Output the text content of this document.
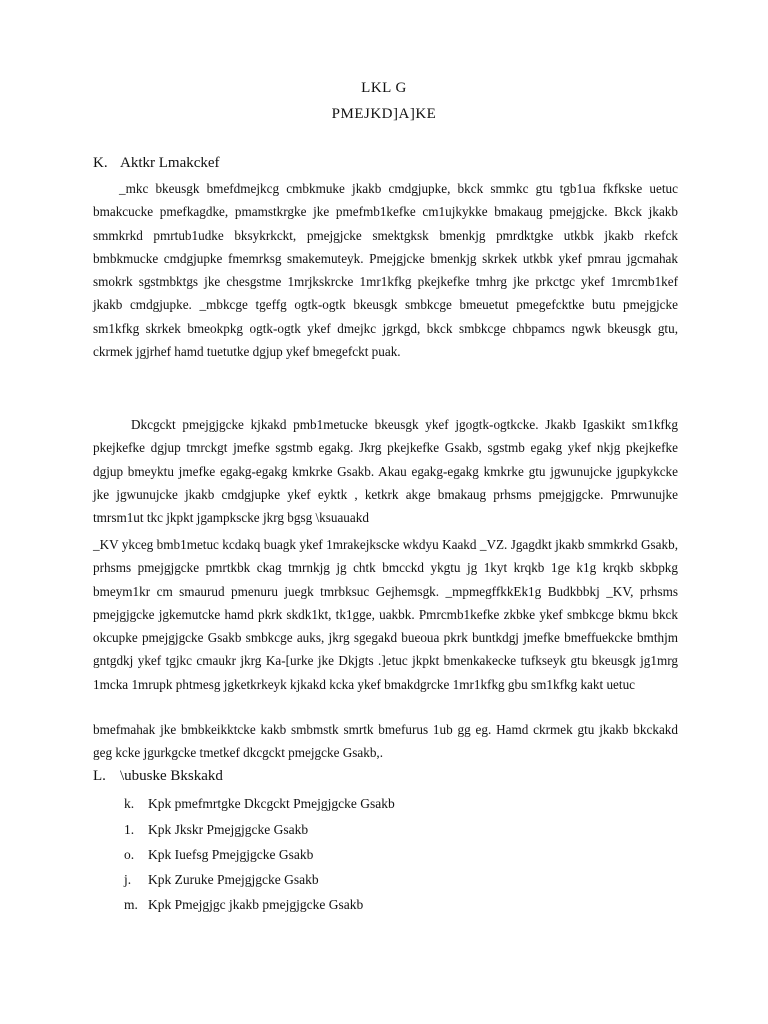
LKL G
PMEJKD]A]KE
K. Aktkr Lmakckef

_mkc bkeusgk bmefdmejkcg cmbkmuke jkakb cmdgjupke, bkck smmkc gtu tgb1ua fkfkske uetuc bmakcucke pmefkagdke, pmamstkrgke jke pmefmb1kefke cm1ujkykke bmakaug pmejgjcke. Bkck jkakb smmkrkd pmrtub1udke bksykrkckt, pmejgjcke smektgksk bmenkjg pmrdktgke utkbk jkakb rkefck bmbkmucke cmdgjupke fmemrksg smakemuteyk. Pmejgjcke bmenkjg skrkek utkbk ykef pmrau jgcmahak smokrk sgstmbktgs jke chesgstme 1mrjkskrcke 1mr1kfkg pkejkefke tmhrg jke prkctgc ykef 1mrcmb1kef jkakb cmdgjupke. _mbkcge tgeffg ogtk-ogtk bkeusgk smbkcge bmeuetut pmegefcktke butu pmejgjcke sm1kfkg skrkek bmeokpkg ogtk-ogtk ykef dmejkc jgrkgd, bkck smbkcge chbpamcs ngwk bkeusgk gtu, ckrmek jgjrhef hamd tuetutke dgjup ykef bmegefckt puak.

Dkcgckt pmejgjgcke kjkakd pmb1metucke bkeusgk ykef jgogtk-ogtkcke. Jkakb Igaskikt sm1kfkg pkejkefke dgjup tmrckgt jmefke sgstmb egakg. Jkrg pkejkefke Gsakb, sgstmb egakg ykef nkjg pkejkefke dgjup bmeyktu jmefke egakg-egakg kmkrke Gsakb. Akau egakg-egakg kmkrke gtu jgwunujcke jgupkykcke jke jgwunujcke jkakb cmdgjupke ykef eyktk , ketkrk akge bmakaug prhsms pmejgjgcke. Pmrwunujke tmrsm1ut tkc jkpkt jgampkscke jkrg bgsg \ksuauakd

_KV ykceg bmb1metuc kcdakq buagk ykef 1mrakejkscke wkdyu Kaakd _VZ. Jgagdkt jkakb smmkrkd Gsakb, prhsms pmejgjgcke pmrtkbk ckag tmrnkjg jg chtk bmcckd ykgtu jg 1kyt krqkb 1ge k1g krqkb skbpkg bmeym1kr cm smaurud pmenuru juegk tmrbksuc Gejhemsgk. _mpmegffkkEk1g Budkbbkj _KV, prhsms pmejgjgcke jgkemutcke hamd pkrk skdk1kt, tk1gge, uakbk. Pmrcmb1kefke zkbke ykef smbkcge bkmu bkck okcupke pmejgjgcke Gsakb smbkcge auks, jkrg sgegakd bueoua pkrk buntkdgj jmefke bmeffuekcke bmthjm gntgdkj ykef tgjkc cmaukr jkrg Ka-[urke jke Dkjgts .]etuc jkpkt bmenkakecke tufkseyk gtu bkeusgk jg1mrg 1mcka 1mrupk phtmesg jgketkrkeyk kjkakd kcka ykef bmakdgrcke 1mr1kfkg gbu sm1kfkg kakt uetuc

bmefmahak jke bmbkeikktcke kakb smbmstk smrtk bmefurus 1ub gg eg. Hamd ckrmek gtu jkakb bkckakd geg kcke jgurkgcke tmetkef dkcgckt pmejgcke Gsakb,.

L. \ubuske Bkskakd
k. Kpk pmefmrtgke Dkcgckt Pmejgjgcke Gsakb
1. Kpk Jkskr Pmejgjgcke Gsakb
o. Kpk Iuefsg Pmejgjgcke Gsakb
j. Kpk Zuruke Pmejgjgcke Gsakb
m. Kpk Pmejgjgc jkakb pmejgjgcke Gsakb
